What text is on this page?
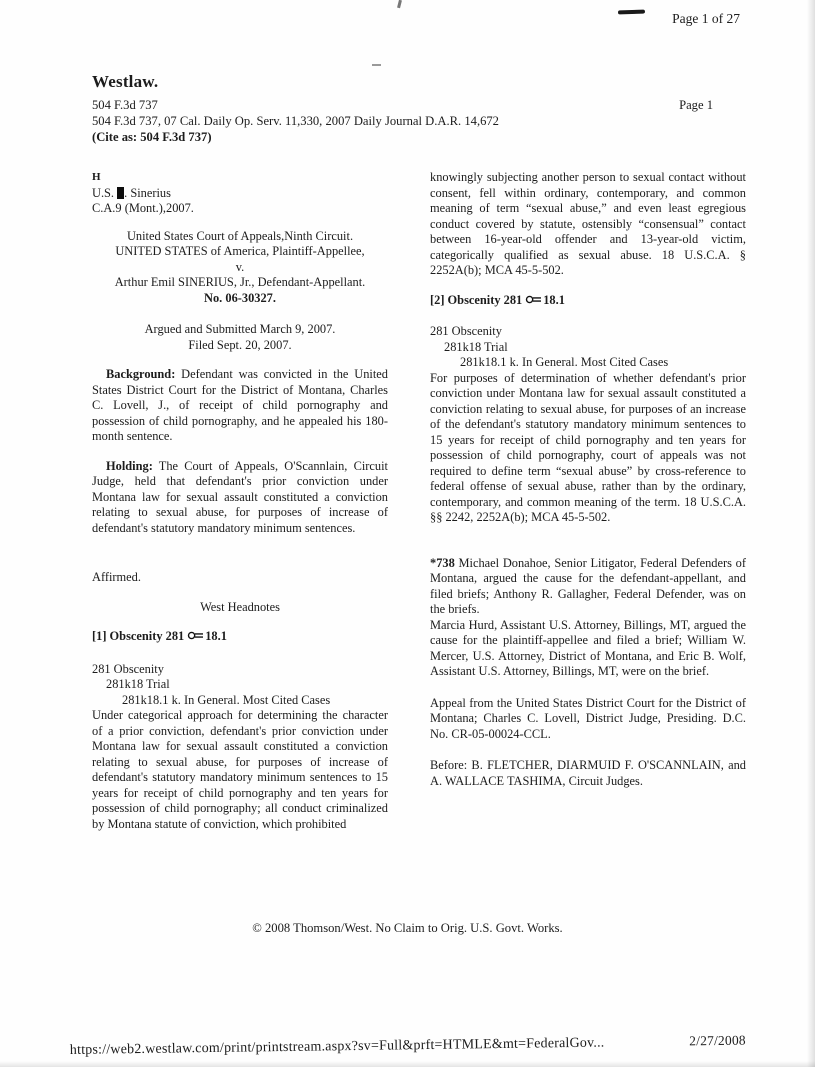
Page 1 of 27
Westlaw.
504 F.3d 737	Page 1
504 F.3d 737, 07 Cal. Daily Op. Serv. 11,330, 2007 Daily Journal D.A.R. 14,672
(Cite as: 504 F.3d 737)

H

U.S. . Sinerius

C.A.9 (Mont.),2007.

United States Court of Appeals,Ninth Circuit.

UNITED STATES of America, Plaintiff-Appellee,

v.

Arthur Emil SINERIUS, Jr., Defendant-Appellant.

No. 06-30327.

Argued and Submitted March 9, 2007.

Filed Sept. 20, 2007.

Background: Defendant was convicted in the United States District Court for the District of Montana, Charles C. Lovell, J., of receipt of child pornography and possession of child pornography, and he appealed his 180-month sentence.

Holding: The Court of Appeals, O'Scannlain, Circuit Judge, held that defendant's prior conviction under Montana law for sexual assault constituted a conviction relating to sexual abuse, for purposes of increase of defendant's statutory mandatory minimum sentences.

Affirmed.

West Headnotes

[1] Obscenity 281 18.1

281 Obscenity

281k18 Trial

281k18.1 k. In General. Most Cited Cases

Under categorical approach for determining the character of a prior conviction, defendant's prior conviction under Montana law for sexual assault constituted a conviction relating to sexual abuse, for purposes of increase of defendant's statutory mandatory minimum sentences to 15 years for receipt of child pornography and ten years for possession of child pornography; all conduct criminalized by Montana statute of conviction, which prohibited

knowingly subjecting another person to sexual contact without consent, fell within ordinary, contemporary, and common meaning of term “sexual abuse,” and even least egregious conduct covered by statute, ostensibly “consensual” contact between 16-year-old offender and 13-year-old victim, categorically qualified as sexual abuse. 18 U.S.C.A. § 2252A(b); MCA 45-5-502.

[2] Obscenity 281 18.1

281 Obscenity

281k18 Trial

281k18.1 k. In General. Most Cited Cases

For purposes of determination of whether defendant's prior conviction under Montana law for sexual assault constituted a conviction relating to sexual abuse, for purposes of an increase of the defendant's statutory mandatory minimum sentences to 15 years for receipt of child pornography and ten years for possession of child pornography, court of appeals was not required to define term “sexual abuse” by cross-reference to federal offense of sexual abuse, rather than by the ordinary, contemporary, and common meaning of the term. 18 U.S.C.A. §§ 2242, 2252A(b); MCA 45-5-502.

*738 Michael Donahoe, Senior Litigator, Federal Defenders of Montana, argued the cause for the defendant-appellant, and filed briefs; Anthony R. Gallagher, Federal Defender, was on the briefs.

Marcia Hurd, Assistant U.S. Attorney, Billings, MT, argued the cause for the plaintiff-appellee and filed a brief; William W. Mercer, U.S. Attorney, District of Montana, and Eric B. Wolf, Assistant U.S. Attorney, Billings, MT, were on the brief.

Appeal from the United States District Court for the District of Montana; Charles C. Lovell, District Judge, Presiding. D.C. No. CR-05-00024-CCL.

Before: B. FLETCHER, DIARMUID F. O'SCANNLAIN, and A. WALLACE TASHIMA, Circuit Judges.

© 2008 Thomson/West. No Claim to Orig. U.S. Govt. Works.
https://web2.westlaw.com/print/printstream.aspx?sv=Full&prft=HTMLE&mt=FederalGov...	2/27/2008
